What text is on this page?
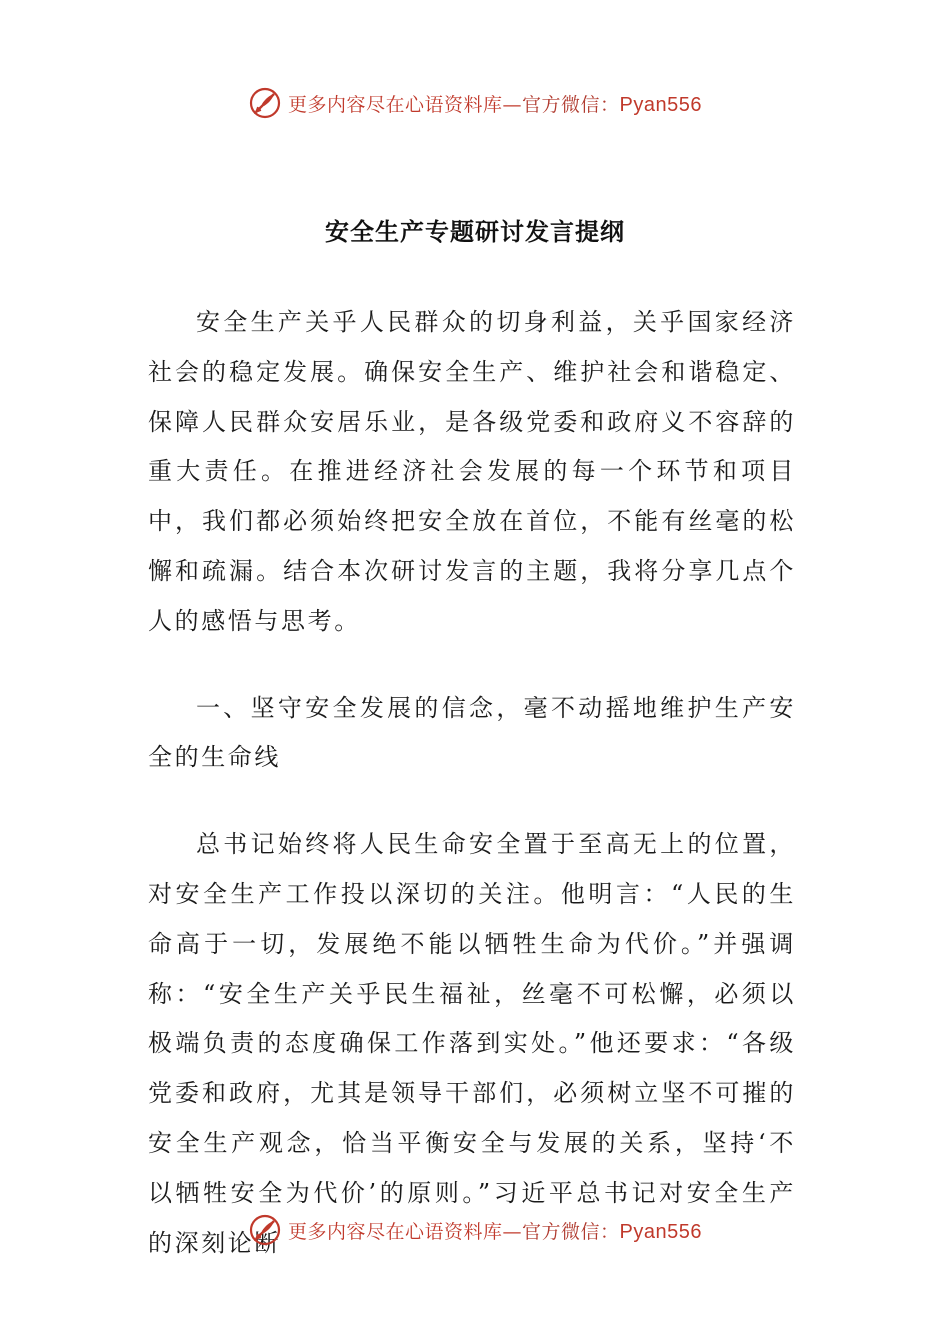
更多内容尽在心语资料库—官方微信：Pyan556
安全生产专题研讨发言提纲

安全生产关乎人民群众的切身利益，关乎国家经济社会的稳定发展。确保安全生产、维护社会和谐稳定、保障人民群众安居乐业，是各级党委和政府义不容辞的重大责任。在推进经济社会发展的每一个环节和项目中，我们都必须始终把安全放在首位，不能有丝毫的松懈和疏漏。结合本次研讨发言的主题，我将分享几点个人的感悟与思考。

一、坚守安全发展的信念，毫不动摇地维护生产安全的生命线

总书记始终将人民生命安全置于至高无上的位置，对安全生产工作投以深切的关注。他明言：“人民的生命高于一切，发展绝不能以牺牲生命为代价。”并强调称：“安全生产关乎民生福祉，丝毫不可松懈，必须以极端负责的态度确保工作落到实处。”他还要求：“各级党委和政府，尤其是领导干部们，必须树立坚不可摧的安全生产观念，恰当平衡安全与发展的关系，坚持‘不以牺牲安全为代价’的原则。”习近平总书记对安全生产的深刻论断 更多内容尽在心语资料库—官方微信：Pyan556
